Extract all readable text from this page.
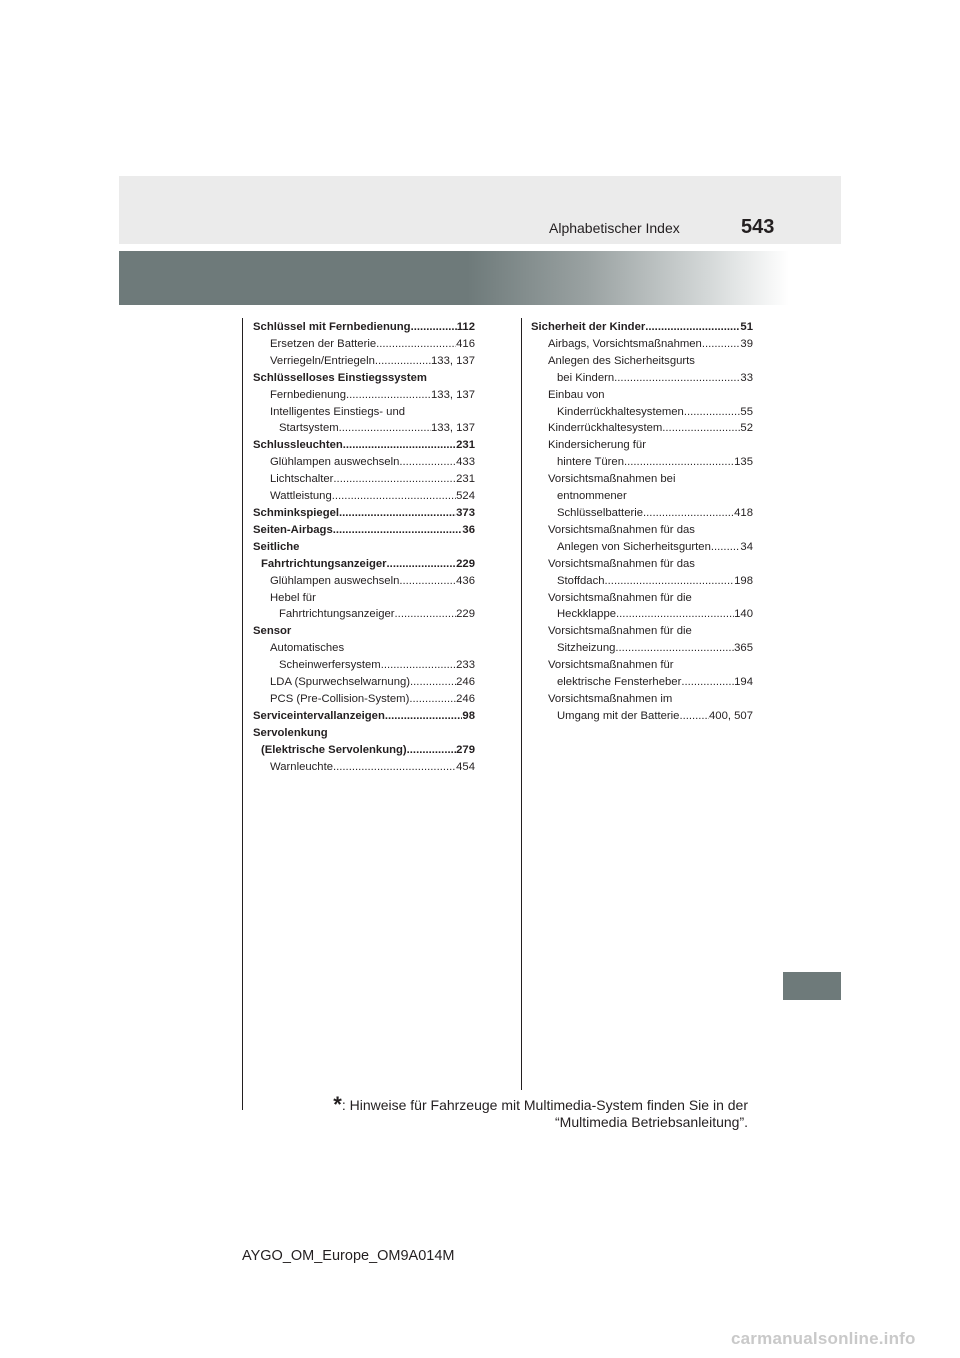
Alphabetischer Index	543
Schlüssel mit Fernbedienung .....	112
Ersetzen der Batterie .....	416
Verriegeln/Entriegeln .....	133, 137
Schlüsselloses Einstiegssystem
Fernbedienung .....	133, 137
Intelligentes Einstiegs- und
Startsystem .....	133, 137
Schlussleuchten .....	231
Glühlampen auswechseln .....	433
Lichtschalter .....	231
Wattleistung .....	524
Schminkspiegel .....	373
Seiten-Airbags .....	36
Seitliche
Fahrtrichtungsanzeiger .....	229
Glühlampen auswechseln .....	436
Hebel für
Fahrtrichtungsanzeiger .....	229
Sensor
Automatisches
Scheinwerfersystem .....	233
LDA (Spurwechselwarnung) .....	246
PCS (Pre-Collision-System) .....	246
Serviceintervallanzeigen .....	98
Servolenkung
(Elektrische Servolenkung) .....	279
Warnleuchte .....	454
Sicherheit der Kinder .....	51
Airbags, Vorsichtsmaßnahmen .....	39
Anlegen des Sicherheitsgurts
bei Kindern .....	33
Einbau von
Kinderrückhaltesystemen .....	55
Kinderrückhaltesystem .....	52
Kindersicherung für
hintere Türen .....	135
Vorsichtsmaßnahmen bei
entnommener
Schlüsselbatterie .....	418
Vorsichtsmaßnahmen für das
Anlegen von Sicherheitsgurten .....	34
Vorsichtsmaßnahmen für das
Stoffdach .....	198
Vorsichtsmaßnahmen für die
Heckklappe .....	140
Vorsichtsmaßnahmen für die
Sitzheizung .....	365
Vorsichtsmaßnahmen für
elektrische Fensterheber .....	194
Vorsichtsmaßnahmen im
Umgang mit der Batterie .....	400, 507
*: Hinweise für Fahrzeuge mit Multimedia-System finden Sie in der
“Multimedia Betriebsanleitung”.
AYGO_OM_Europe_OM9A014M
carmanualsonline.info
